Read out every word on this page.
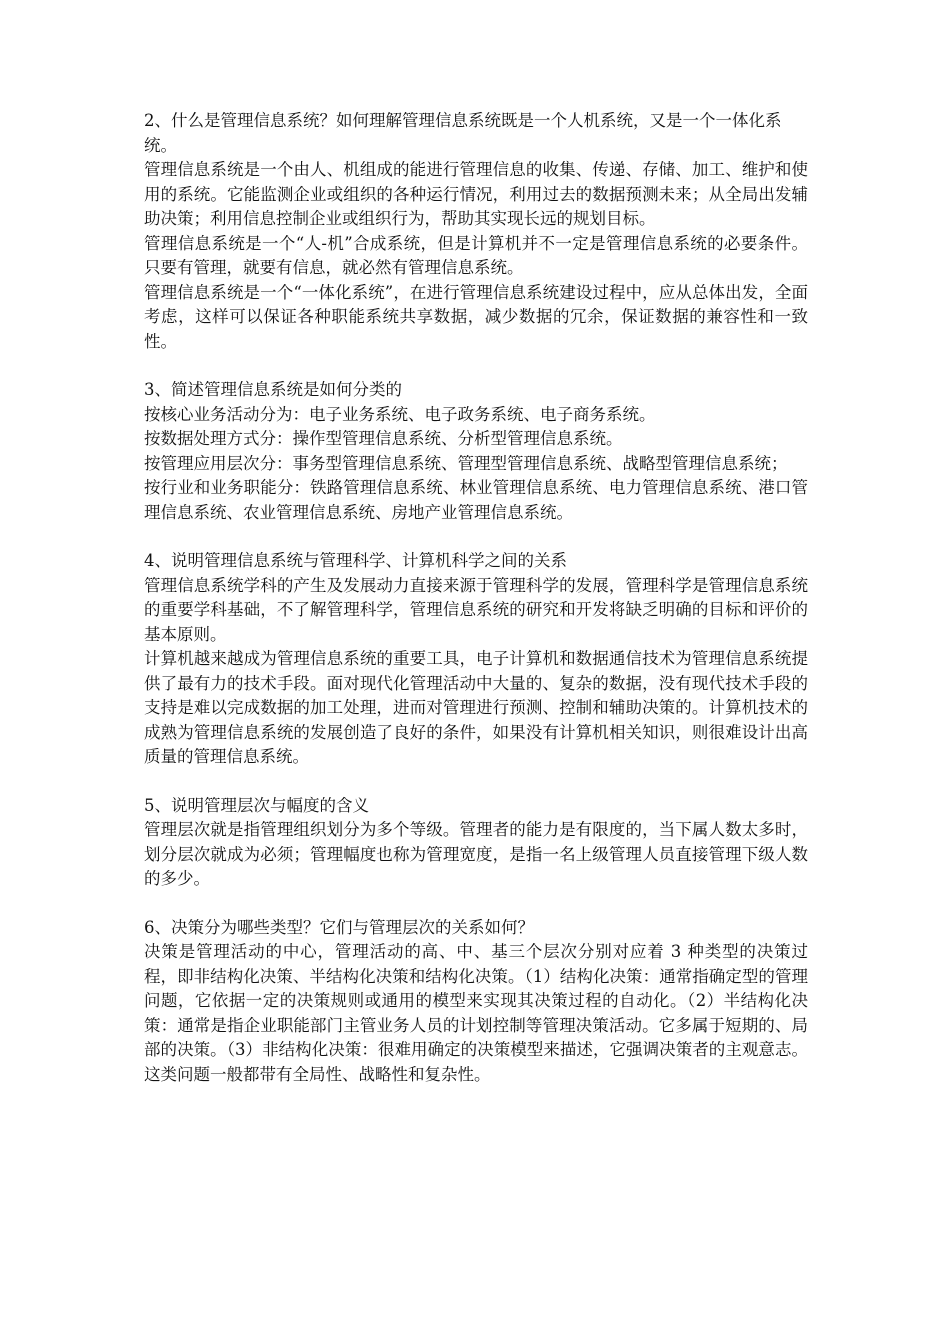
2、什么是管理信息系统？如何理解管理信息系统既是一个人机系统，又是一个一体化系统。

管理信息系统是一个由人、机组成的能进行管理信息的收集、传递、存储、加工、维护和使用的系统。它能监测企业或组织的各种运行情况，利用过去的数据预测未来；从全局出发辅助决策；利用信息控制企业或组织行为，帮助其实现长远的规划目标。

管理信息系统是一个“人-机”合成系统，但是计算机并不一定是管理信息系统的必要条件。只要有管理，就要有信息，就必然有管理信息系统。

管理信息系统是一个“一体化系统”，在进行管理信息系统建设过程中，应从总体出发，全面考虑，这样可以保证各种职能系统共享数据，减少数据的冗余，保证数据的兼容性和一致性。

3、简述管理信息系统是如何分类的

按核心业务活动分为：电子业务系统、电子政务系统、电子商务系统。

按数据处理方式分：操作型管理信息系统、分析型管理信息系统。

按管理应用层次分：事务型管理信息系统、管理型管理信息系统、战略型管理信息系统；

按行业和业务职能分：铁路管理信息系统、林业管理信息系统、电力管理信息系统、港口管理信息系统、农业管理信息系统、房地产业管理信息系统。

4、说明管理信息系统与管理科学、计算机科学之间的关系

管理信息系统学科的产生及发展动力直接来源于管理科学的发展，管理科学是管理信息系统的重要学科基础，不了解管理科学，管理信息系统的研究和开发将缺乏明确的目标和评价的基本原则。

计算机越来越成为管理信息系统的重要工具，电子计算机和数据通信技术为管理信息系统提供了最有力的技术手段。面对现代化管理活动中大量的、复杂的数据，没有现代技术手段的支持是难以完成数据的加工处理，进而对管理进行预测、控制和辅助决策的。计算机技术的成熟为管理信息系统的发展创造了良好的条件，如果没有计算机相关知识，则很难设计出高质量的管理信息系统。

5、说明管理层次与幅度的含义

管理层次就是指管理组织划分为多个等级。管理者的能力是有限度的，当下属人数太多时，划分层次就成为必须；管理幅度也称为管理宽度，是指一名上级管理人员直接管理下级人数的多少。

6、决策分为哪些类型？它们与管理层次的关系如何？

决策是管理活动的中心，管理活动的高、中、基三个层次分别对应着 3 种类型的决策过程，即非结构化决策、半结构化决策和结构化决策。（1）结构化决策：通常指确定型的管理问题，它依据一定的决策规则或通用的模型来实现其决策过程的自动化。（2）半结构化决策：通常是指企业职能部门主管业务人员的计划控制等管理决策活动。它多属于短期的、局部的决策。（3）非结构化决策：很难用确定的决策模型来描述，它强调决策者的主观意志。这类问题一般都带有全局性、战略性和复杂性。
